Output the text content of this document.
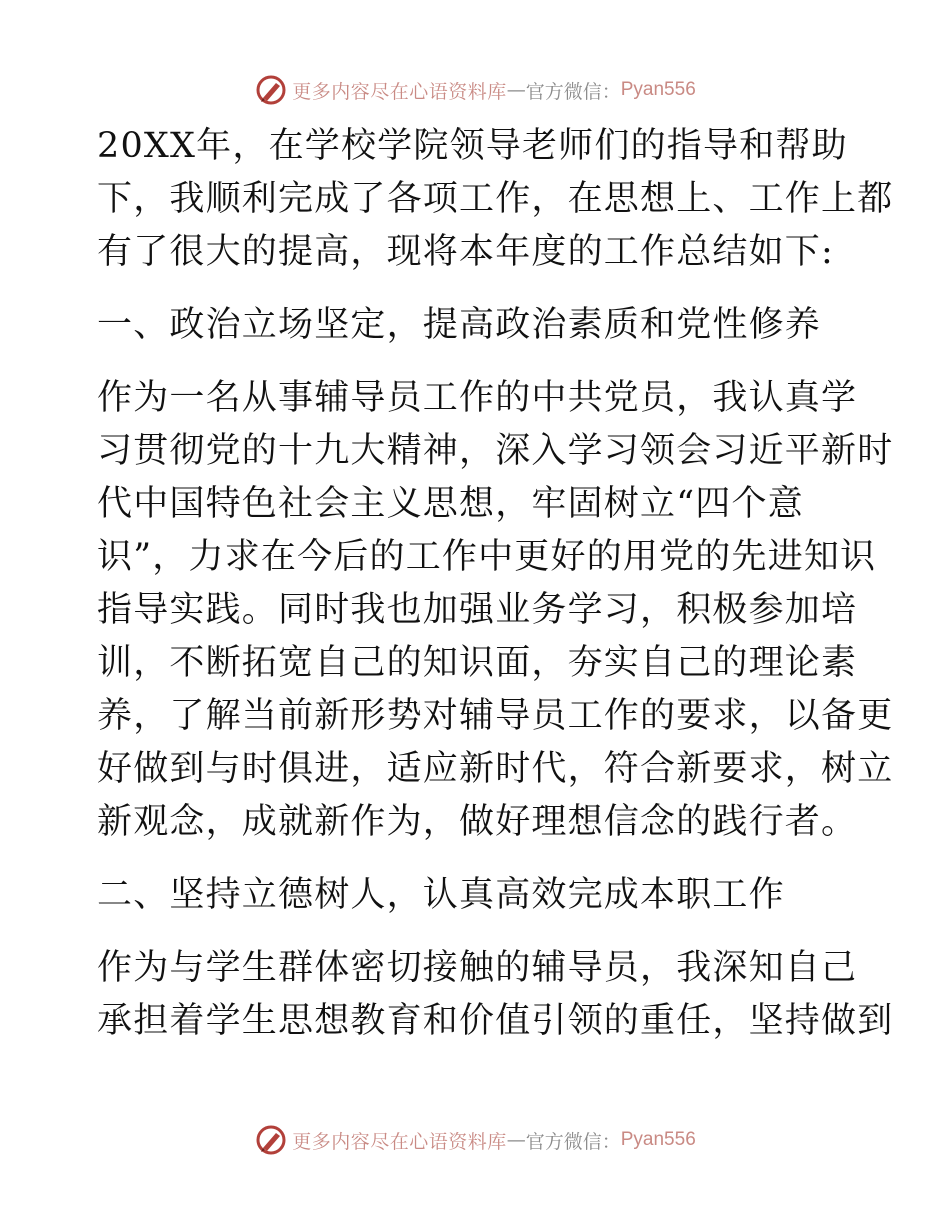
更多内容尽在心语资料库 — 官方微信： Pyan556
20XX年，在学校学院领导老师们的指导和帮助
下，我顺利完成了各项工作，在思想上、工作上都
有了很大的提高，现将本年度的工作总结如下:
一、政治立场坚定，提高政治素质和党性修养
作为一名从事辅导员工作的中共党员，我认真学
习贯彻党的十九大精神，深入学习领会习近平新时
代中国特色社会主义思想，牢固树立“四个意
识”，力求在今后的工作中更好的用党的先进知识
指导实践。同时我也加强业务学习，积极参加培
训，不断拓宽自己的知识面，夯实自己的理论素
养，了解当前新形势对辅导员工作的要求，以备更
好做到与时俱进，适应新时代，符合新要求，树立
新观念，成就新作为，做好理想信念的践行者。
二、坚持立德树人，认真高效完成本职工作
作为与学生群体密切接触的辅导员，我深知自己
承担着学生思想教育和价值引领的重任，坚持做到
更多内容尽在心语资料库 — 官方微信： Pyan556
